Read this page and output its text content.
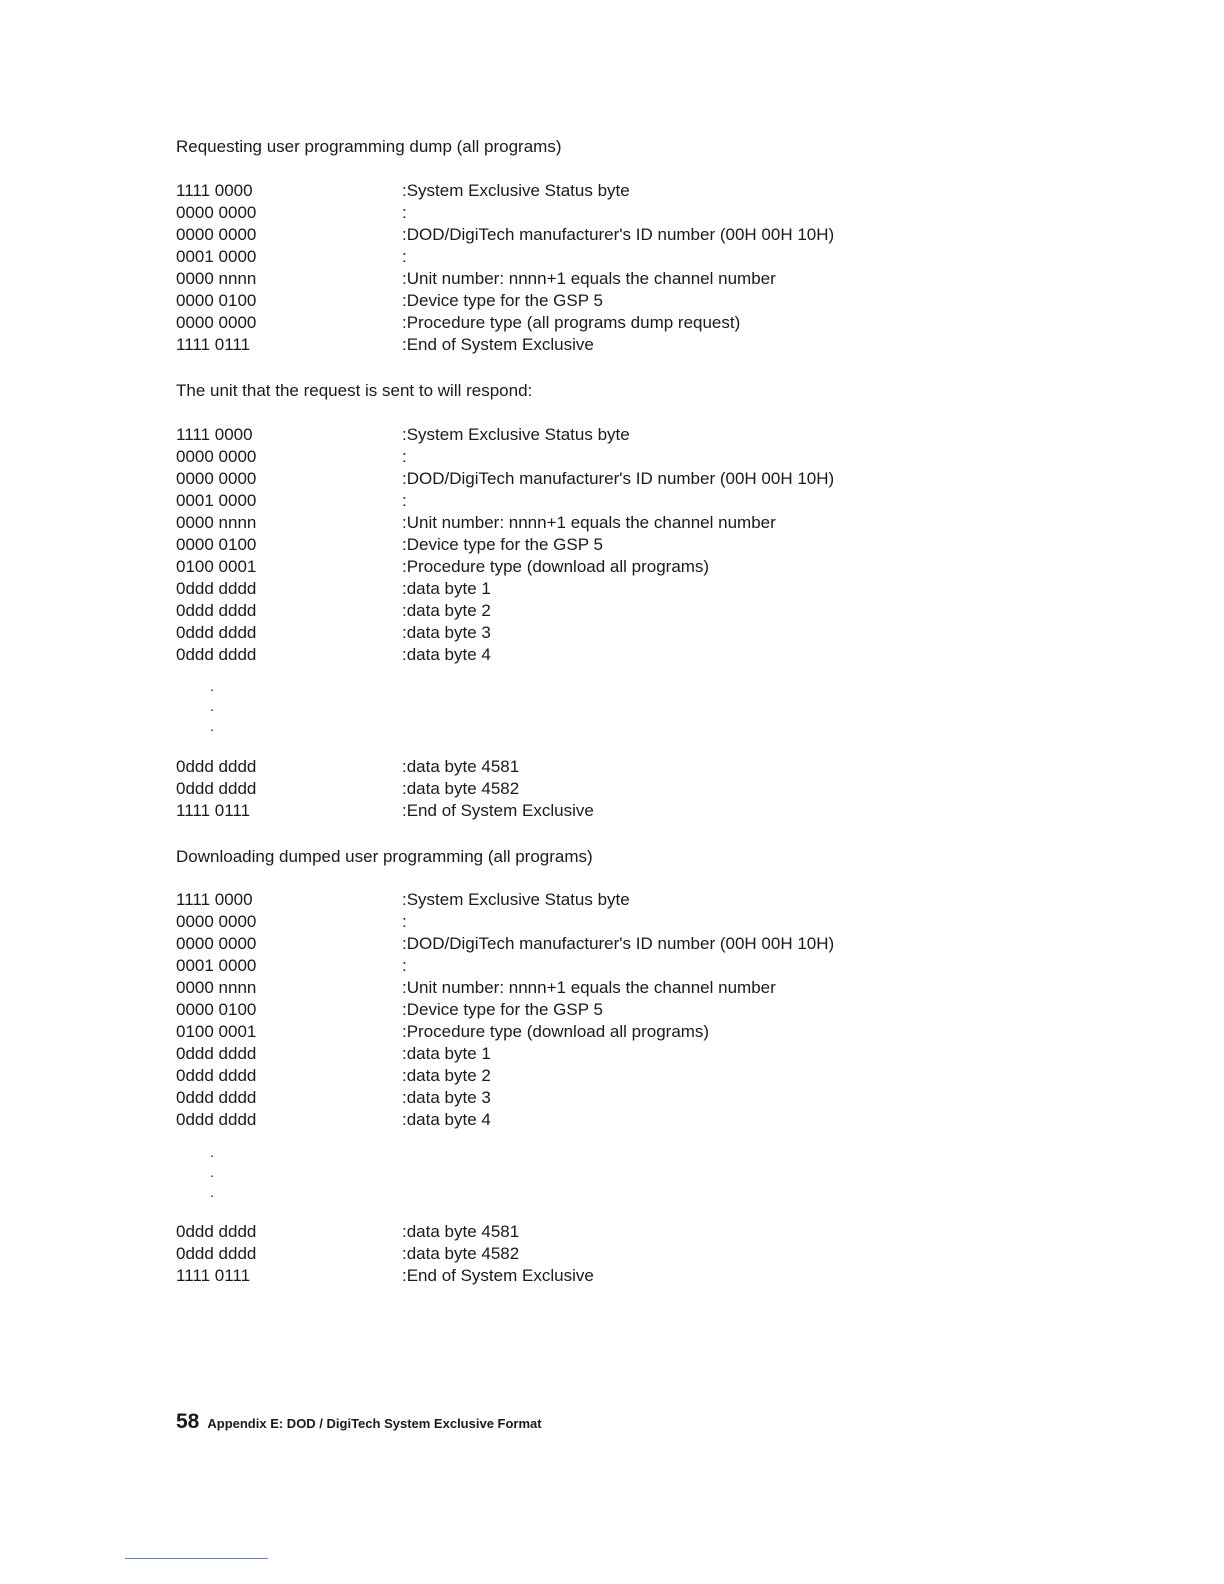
Requesting user programming dump (all programs)
1111 0000	:System Exclusive Status byte
0000 0000	:
0000 0000	:DOD/DigiTech manufacturer's ID number (00H 00H 10H)
0001 0000	:
0000 nnnn	:Unit number: nnnn+1 equals the channel number
0000 0100	:Device type for the GSP 5
0000 0000	:Procedure type (all programs dump request)
1111 0111	:End of System Exclusive
The unit that the request is sent to will respond:
1111 0000	:System Exclusive Status byte
0000 0000	:
0000 0000	:DOD/DigiTech manufacturer's ID number (00H 00H 10H)
0001 0000	:
0000 nnnn	:Unit number: nnnn+1 equals the channel number
0000 0100	:Device type for the GSP 5
0100 0001	:Procedure type (download all programs)
0ddd dddd	:data byte 1
0ddd dddd	:data byte 2
0ddd dddd	:data byte 3
0ddd dddd	:data byte 4
.
.
.
0ddd dddd	:data byte 4581
0ddd dddd	:data byte 4582
1111 0111	:End of System Exclusive
Downloading dumped user programming (all programs)
1111 0000	:System Exclusive Status byte
0000 0000	:
0000 0000	:DOD/DigiTech manufacturer's ID number (00H 00H 10H)
0001 0000	:
0000 nnnn	:Unit number: nnnn+1 equals the channel number
0000 0100	:Device type for the GSP 5
0100 0001	:Procedure type (download all programs)
0ddd dddd	:data byte 1
0ddd dddd	:data byte 2
0ddd dddd	:data byte 3
0ddd dddd	:data byte 4
.
.
.
0ddd dddd	:data byte 4581
0ddd dddd	:data byte 4582
1111 0111	:End of System Exclusive
58 Appendix E: DOD / DigiTech System Exclusive Format
